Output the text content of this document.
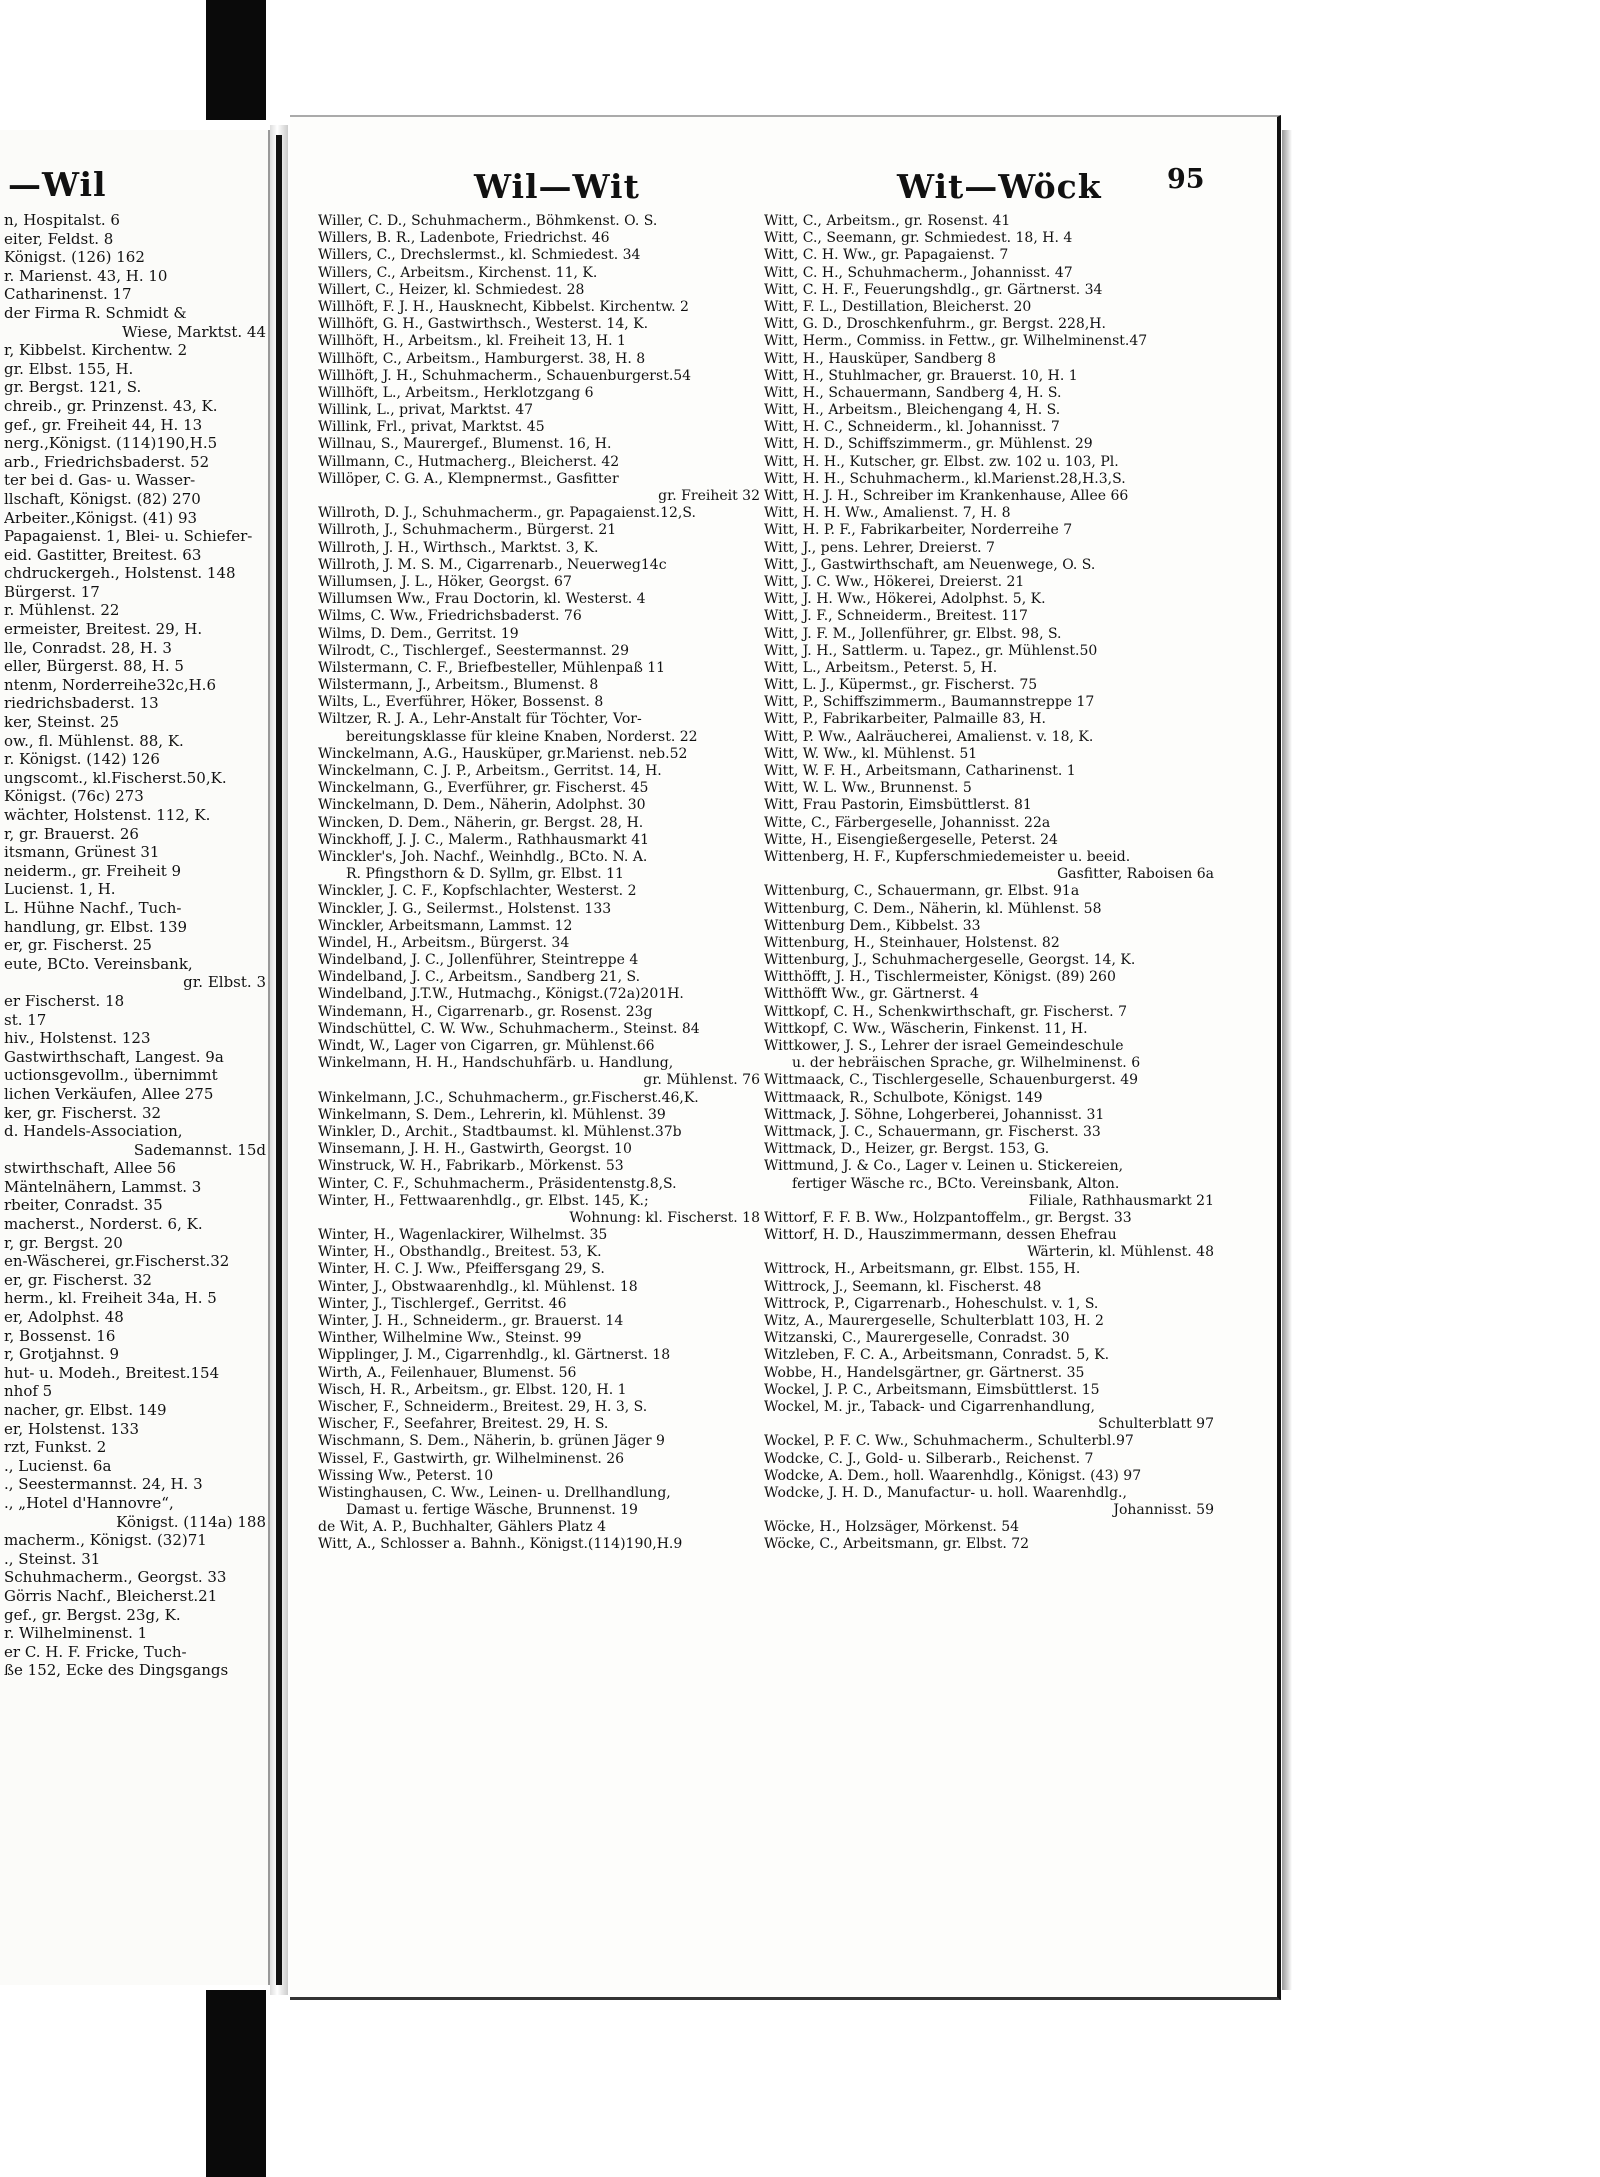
—Wil
n, Hospitalst. 6
eiter, Feldst. 8
Königst. (126) 162
r. Marienst. 43, H. 10
Catharinenst. 17
der Firma R. Schmidt &
Wiese, Marktst. 44
r, Kibbelst. Kirchentw. 2
gr. Elbst. 155, H.
gr. Bergst. 121, S.
chreib., gr. Prinzenst. 43, K.
gef., gr. Freiheit 44, H. 13
nerg.,Königst. (114)190,H.5
arb., Friedrichsbaderst. 52
ter bei d. Gas- u. Wasser-
llschaft, Königst. (82) 270
Arbeiter.,Königst. (41) 93
Papagaienst. 1, Blei- u. Schiefer-
eid. Gastitter, Breitest. 63
chdruckergeh., Holstenst. 148
Bürgerst. 17
r. Mühlenst. 22
ermeister, Breitest. 29, H.
lle, Conradst. 28, H. 3
eller, Bürgerst. 88, H. 5
ntenm, Norderreihe32c,H.6
riedrichsbaderst. 13
ker, Steinst. 25
ow., fl. Mühlenst. 88, K.
r. Königst. (142) 126
ungscomt., kl.Fischerst.50,K.
Königst. (76c) 273
wächter, Holstenst. 112, K.
r, gr. Brauerst. 26
itsmann, Grünest 31
neiderm., gr. Freiheit 9
Lucienst. 1, H.
L. Hühne Nachf., Tuch-
handlung, gr. Elbst. 139
er, gr. Fischerst. 25
eute, BCto. Vereinsbank,
gr. Elbst. 3
er Fischerst. 18
st. 17
hiv., Holstenst. 123
Gastwirthschaft, Langest. 9a
uctionsgevollm., übernimmt
lichen Verkäufen, Allee 275
ker, gr. Fischerst. 32
d. Handels-Association,
Sademannst. 15d
stwirthschaft, Allee 56
Mäntelnähern, Lammst. 3
rbeiter, Conradst. 35
macherst., Norderst. 6, K.
r, gr. Bergst. 20
en-Wäscherei, gr.Fischerst.32
er, gr. Fischerst. 32
herm., kl. Freiheit 34a, H. 5
er, Adolphst. 48
r, Bossenst. 16
r, Grotjahnst. 9
hut- u. Modeh., Breitest.154
nhof 5
nacher, gr. Elbst. 149
er, Holstenst. 133
rzt, Funkst. 2
., Lucienst. 6a
., Seestermannst. 24, H. 3
., „Hotel d'Hannovre“,
Königst. (114a) 188
macherm., Königst. (32)71
., Steinst. 31
Schuhmacherm., Georgst. 33
Görris Nachf., Bleicherst.21
gef., gr. Bergst. 23g, K.
r. Wilhelminenst. 1
er C. H. F. Fricke, Tuch-
ße 152, Ecke des Dingsgangs
Wil—Wit	Wit—Wöck 95
Willer, C. D., Schuhmacherm., Böhmkenst. O. S.
Willers, B. R., Ladenbote, Friedrichst. 46
Willers, C., Drechslermst., kl. Schmiedest. 34
Willers, C., Arbeitsm., Kirchenst. 11, K.
Willert, C., Heizer, kl. Schmiedest. 28
Willhöft, F. J. H., Hausknecht, Kibbelst. Kirchentw. 2
Willhöft, G. H., Gastwirthsch., Westerst. 14, K.
Willhöft, H., Arbeitsm., kl. Freiheit 13, H. 1
Willhöft, C., Arbeitsm., Hamburgerst. 38, H. 8
Willhöft, J. H., Schuhmacherm., Schauenburgerst.54
Willhöft, L., Arbeitsm., Herklotzgang 6
Willink, L., privat, Marktst. 47
Willink, Frl., privat, Marktst. 45
Willnau, S., Maurergef., Blumenst. 16, H.
Willmann, C., Hutmacherg., Bleicherst. 42
Willöper, C. G. A., Klempnermst., Gasfitter
gr. Freiheit 32
Willroth, D. J., Schuhmacherm., gr. Papagaienst.12,S.
Willroth, J., Schuhmacherm., Bürgerst. 21
Willroth, J. H., Wirthsch., Marktst. 3, K.
Willroth, J. M. S. M., Cigarrenarb., Neuerweg14c
Willumsen, J. L., Höker, Georgst. 67
Willumsen Ww., Frau Doctorin, kl. Westerst. 4
Wilms, C. Ww., Friedrichsbaderst. 76
Wilms, D. Dem., Gerritst. 19
Wilrodt, C., Tischlergef., Seestermannst. 29
Wilstermann, C. F., Briefbesteller, Mühlenpaß 11
Wilstermann, J., Arbeitsm., Blumenst. 8
Wilts, L., Everführer, Höker, Bossenst. 8
Wiltzer, R. J. A., Lehr-Anstalt für Töchter, Vor-
bereitungsklasse für kleine Knaben, Norderst. 22
Winckelmann, A.G., Hausküper, gr.Marienst. neb.52
Winckelmann, C. J. P., Arbeitsm., Gerritst. 14, H.
Winckelmann, G., Everführer, gr. Fischerst. 45
Winckelmann, D. Dem., Näherin, Adolphst. 30
Wincken, D. Dem., Näherin, gr. Bergst. 28, H.
Winckhoff, J. J. C., Malerm., Rathhausmarkt 41
Winckler's, Joh. Nachf., Weinhdlg., BCto. N. A.
R. Pfingsthorn & D. Syllm, gr. Elbst. 11
Winckler, J. C. F., Kopfschlachter, Westerst. 2
Winckler, J. G., Seilermst., Holstenst. 133
Winckler, Arbeitsmann, Lammst. 12
Windel, H., Arbeitsm., Bürgerst. 34
Windelband, J. C., Jollenführer, Steintreppe 4
Windelband, J. C., Arbeitsm., Sandberg 21, S.
Windelband, J.T.W., Hutmachg., Königst.(72a)201H.
Windemann, H., Cigarrenarb., gr. Rosenst. 23g
Windschüttel, C. W. Ww., Schuhmacherm., Steinst. 84
Windt, W., Lager von Cigarren, gr. Mühlenst.66
Winkelmann, H. H., Handschuhfärb. u. Handlung,
gr. Mühlenst. 76
Winkelmann, J.C., Schuhmacherm., gr.Fischerst.46,K.
Winkelmann, S. Dem., Lehrerin, kl. Mühlenst. 39
Winkler, D., Archit., Stadtbaumst. kl. Mühlenst.37b
Winsemann, J. H. H., Gastwirth, Georgst. 10
Winstruck, W. H., Fabrikarb., Mörkenst. 53
Winter, C. F., Schuhmacherm., Präsidentenstg.8,S.
Winter, H., Fettwaarenhdlg., gr. Elbst. 145, K.;
Wohnung: kl. Fischerst. 18
Winter, H., Wagenlackirer, Wilhelmst. 35
Winter, H., Obsthandlg., Breitest. 53, K.
Winter, H. C. J. Ww., Pfeiffersgang 29, S.
Winter, J., Obstwaarenhdlg., kl. Mühlenst. 18
Winter, J., Tischlergef., Gerritst. 46
Winter, J. H., Schneiderm., gr. Brauerst. 14
Winther, Wilhelmine Ww., Steinst. 99
Wipplinger, J. M., Cigarrenhdlg., kl. Gärtnerst. 18
Wirth, A., Feilenhauer, Blumenst. 56
Wisch, H. R., Arbeitsm., gr. Elbst. 120, H. 1
Wischer, F., Schneiderm., Breitest. 29, H. 3, S.
Wischer, F., Seefahrer, Breitest. 29, H. S.
Wischmann, S. Dem., Näherin, b. grünen Jäger 9
Wissel, F., Gastwirth, gr. Wilhelminenst. 26
Wissing Ww., Peterst. 10
Wistinghausen, C. Ww., Leinen- u. Drellhandlung,
Damast u. fertige Wäsche, Brunnenst. 19
de Wit, A. P., Buchhalter, Gählers Platz 4
Witt, A., Schlosser a. Bahnh., Königst.(114)190,H.9
Witt, C., Arbeitsm., gr. Rosenst. 41
Witt, C., Seemann, gr. Schmiedest. 18, H. 4
Witt, C. H. Ww., gr. Papagaienst. 7
Witt, C. H., Schuhmacherm., Johannisst. 47
Witt, C. H. F., Feuerungshdlg., gr. Gärtnerst. 34
Witt, F. L., Destillation, Bleicherst. 20
Witt, G. D., Droschkenfuhrm., gr. Bergst. 228,H.
Witt, Herm., Commiss. in Fettw., gr. Wilhelminenst.47
Witt, H., Hausküper, Sandberg 8
Witt, H., Stuhlmacher, gr. Brauerst. 10, H. 1
Witt, H., Schauermann, Sandberg 4, H. S.
Witt, H., Arbeitsm., Bleichengang 4, H. S.
Witt, H. C., Schneiderm., kl. Johannisst. 7
Witt, H. D., Schiffszimmerm., gr. Mühlenst. 29
Witt, H. H., Kutscher, gr. Elbst. zw. 102 u. 103, Pl.
Witt, H. H., Schuhmacherm., kl.Marienst.28,H.3,S.
Witt, H. J. H., Schreiber im Krankenhause, Allee 66
Witt, H. H. Ww., Amalienst. 7, H. 8
Witt, H. P. F., Fabrikarbeiter, Norderreihe 7
Witt, J., pens. Lehrer, Dreierst. 7
Witt, J., Gastwirthschaft, am Neuenwege, O. S.
Witt, J. C. Ww., Hökerei, Dreierst. 21
Witt, J. H. Ww., Hökerei, Adolphst. 5, K.
Witt, J. F., Schneiderm., Breitest. 117
Witt, J. F. M., Jollenführer, gr. Elbst. 98, S.
Witt, J. H., Sattlerm. u. Tapez., gr. Mühlenst.50
Witt, L., Arbeitsm., Peterst. 5, H.
Witt, L. J., Küpermst., gr. Fischerst. 75
Witt, P., Schiffszimmerm., Baumannstreppe 17
Witt, P., Fabrikarbeiter, Palmaille 83, H.
Witt, P. Ww., Aalräucherei, Amalienst. v. 18, K.
Witt, W. Ww., kl. Mühlenst. 51
Witt, W. F. H., Arbeitsmann, Catharinenst. 1
Witt, W. L. Ww., Brunnenst. 5
Witt, Frau Pastorin, Eimsbüttlerst. 81
Witte, C., Färbergeselle, Johannisst. 22a
Witte, H., Eisengießergeselle, Peterst. 24
Wittenberg, H. F., Kupferschmiedemeister u. beeid.
Gasfitter, Raboisen 6a
Wittenburg, C., Schauermann, gr. Elbst. 91a
Wittenburg, C. Dem., Näherin, kl. Mühlenst. 58
Wittenburg Dem., Kibbelst. 33
Wittenburg, H., Steinhauer, Holstenst. 82
Wittenburg, J., Schuhmachergeselle, Georgst. 14, K.
Witthöfft, J. H., Tischlermeister, Königst. (89) 260
Witthöfft Ww., gr. Gärtnerst. 4
Wittkopf, C. H., Schenkwirthschaft, gr. Fischerst. 7
Wittkopf, C. Ww., Wäscherin, Finkenst. 11, H.
Wittkower, J. S., Lehrer der israel Gemeindeschule
u. der hebräischen Sprache, gr. Wilhelminenst. 6
Wittmaack, C., Tischlergeselle, Schauenburgerst. 49
Wittmaack, R., Schulbote, Königst. 149
Wittmack, J. Söhne, Lohgerberei, Johannisst. 31
Wittmack, J. C., Schauermann, gr. Fischerst. 33
Wittmack, D., Heizer, gr. Bergst. 153, G.
Wittmund, J. & Co., Lager v. Leinen u. Stickereien,
fertiger Wäsche rc., BCto. Vereinsbank, Alton.
Filiale, Rathhausmarkt 21
Wittorf, F. F. B. Ww., Holzpantoffelm., gr. Bergst. 33
Wittorf, H. D., Hauszimmermann, dessen Ehefrau
Wärterin, kl. Mühlenst. 48
Wittrock, H., Arbeitsmann, gr. Elbst. 155, H.
Wittrock, J., Seemann, kl. Fischerst. 48
Wittrock, P., Cigarrenarb., Hoheschulst. v. 1, S.
Witz, A., Maurergeselle, Schulterblatt 103, H. 2
Witzanski, C., Maurergeselle, Conradst. 30
Witzleben, F. C. A., Arbeitsmann, Conradst. 5, K.
Wobbe, H., Handelsgärtner, gr. Gärtnerst. 35
Wockel, J. P. C., Arbeitsmann, Eimsbüttlerst. 15
Wockel, M. jr., Taback- und Cigarrenhandlung,
Schulterblatt 97
Wockel, P. F. C. Ww., Schuhmacherm., Schulterbl.97
Wodcke, C. J., Gold- u. Silberarb., Reichenst. 7
Wodcke, A. Dem., holl. Waarenhdlg., Königst. (43) 97
Wodcke, J. H. D., Manufactur- u. holl. Waarenhdlg.,
Johannisst. 59
Wöcke, H., Holzsäger, Mörkenst. 54
Wöcke, C., Arbeitsmann, gr. Elbst. 72
